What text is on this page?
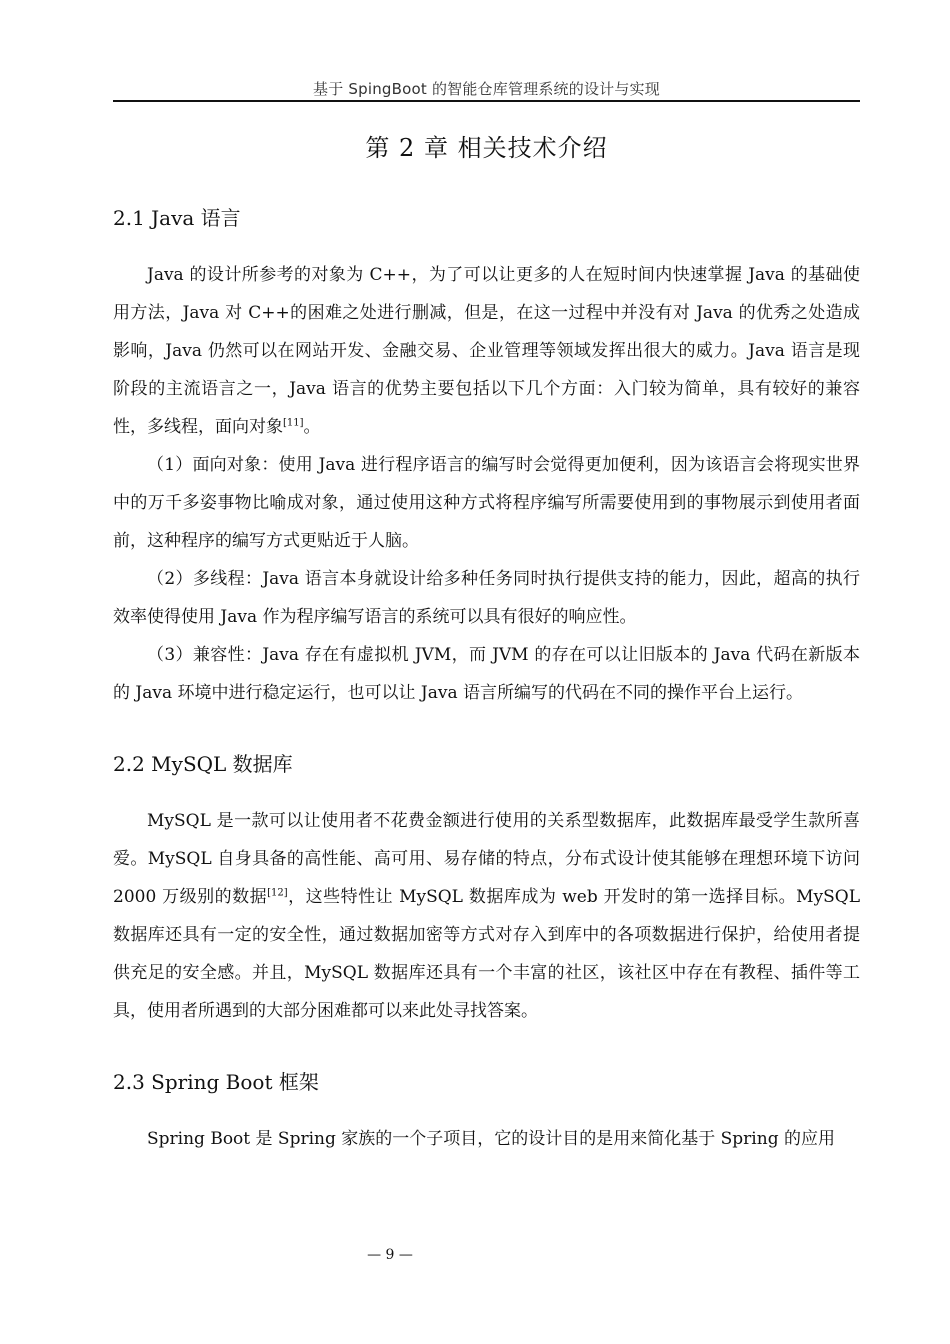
基于 SpingBoot 的智能仓库管理系统的设计与实现
第 2 章 相关技术介绍
2.1 Java 语言

Java 的设计所参考的对象为 C++，为了可以让更多的人在短时间内快速掌握 Java 的基础使用方法，Java 对 C++的困难之处进行删减，但是，在这一过程中并没有对 Java 的优秀之处造成影响，Java 仍然可以在网站开发、金融交易、企业管理等领域发挥出很大的威力。Java 语言是现阶段的主流语言之一，Java 语言的优势主要包括以下几个方面：入门较为简单，具有较好的兼容性，多线程，面向对象[11]。

（1）面向对象：使用 Java 进行程序语言的编写时会觉得更加便利，因为该语言会将现实世界中的万千多姿事物比喻成对象，通过使用这种方式将程序编写所需要使用到的事物展示到使用者面前，这种程序的编写方式更贴近于人脑。

（2）多线程：Java 语言本身就设计给多种任务同时执行提供支持的能力，因此，超高的执行效率使得使用 Java 作为程序编写语言的系统可以具有很好的响应性。

（3）兼容性：Java 存在有虚拟机 JVM，而 JVM 的存在可以让旧版本的 Java 代码在新版本的 Java 环境中进行稳定运行，也可以让 Java 语言所编写的代码在不同的操作平台上运行。

2.2 MySQL 数据库

MySQL 是一款可以让使用者不花费金额进行使用的关系型数据库，此数据库最受学生款所喜爱。MySQL 自身具备的高性能、高可用、易存储的特点，分布式设计使其能够在理想环境下访问 2000 万级别的数据[12]，这些特性让 MySQL 数据库成为 web 开发时的第一选择目标。MySQL 数据库还具有一定的安全性，通过数据加密等方式对存入到库中的各项数据进行保护，给使用者提供充足的安全感。并且，MySQL 数据库还具有一个丰富的社区，该社区中存在有教程、插件等工具，使用者所遇到的大部分困难都可以来此处寻找答案。

2.3 Spring Boot 框架

Spring Boot 是 Spring 家族的一个子项目，它的设计目的是用来简化基于 Spring 的应用

— 9 —
